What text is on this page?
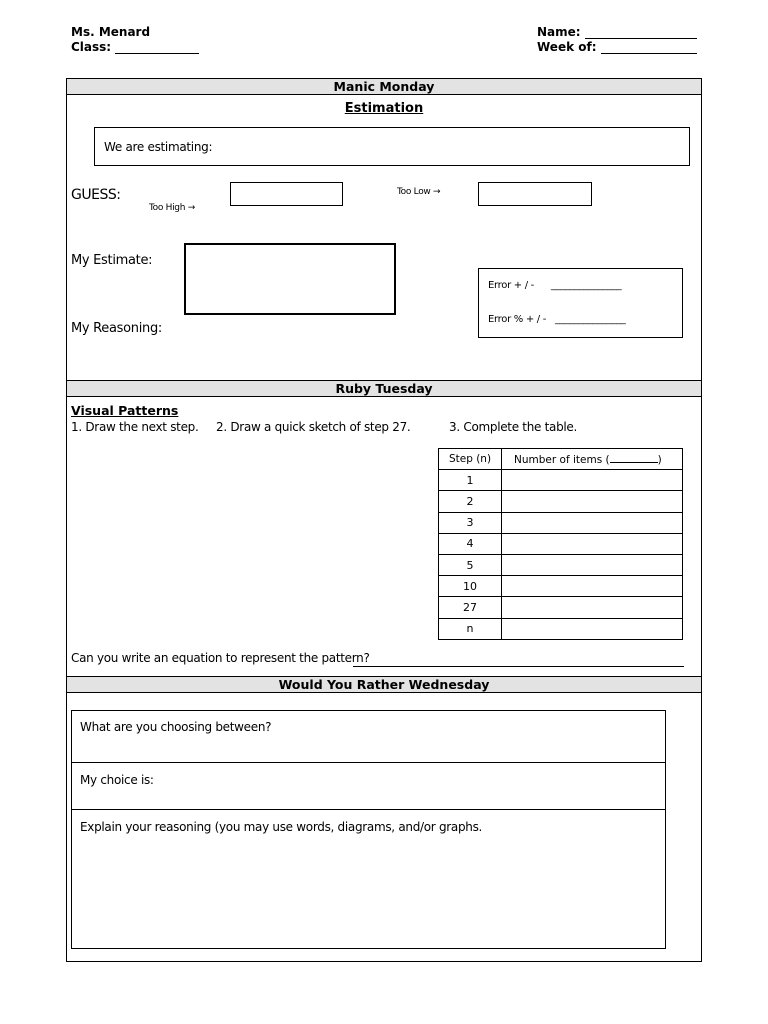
Ms. Menard
Class:
Name:
Week of:
Manic Monday
Estimation
We are estimating:
GUESS:
Too High →
Too Low →
My Estimate:
My Reasoning:
Error + / - _______________
Error % + / - _______________
Ruby Tuesday
Visual Patterns
1. Draw the next step. 2. Draw a quick sketch of step 27.	3. Complete the table.
Step (n)	Number of items ( )
1	
2	
3	
4	
5	
10	
27	
n	
Can you write an equation to represent the pattern?
Would You Rather Wednesday
What are you choosing between?
My choice is:
Explain your reasoning (you may use words, diagrams, and/or graphs.
